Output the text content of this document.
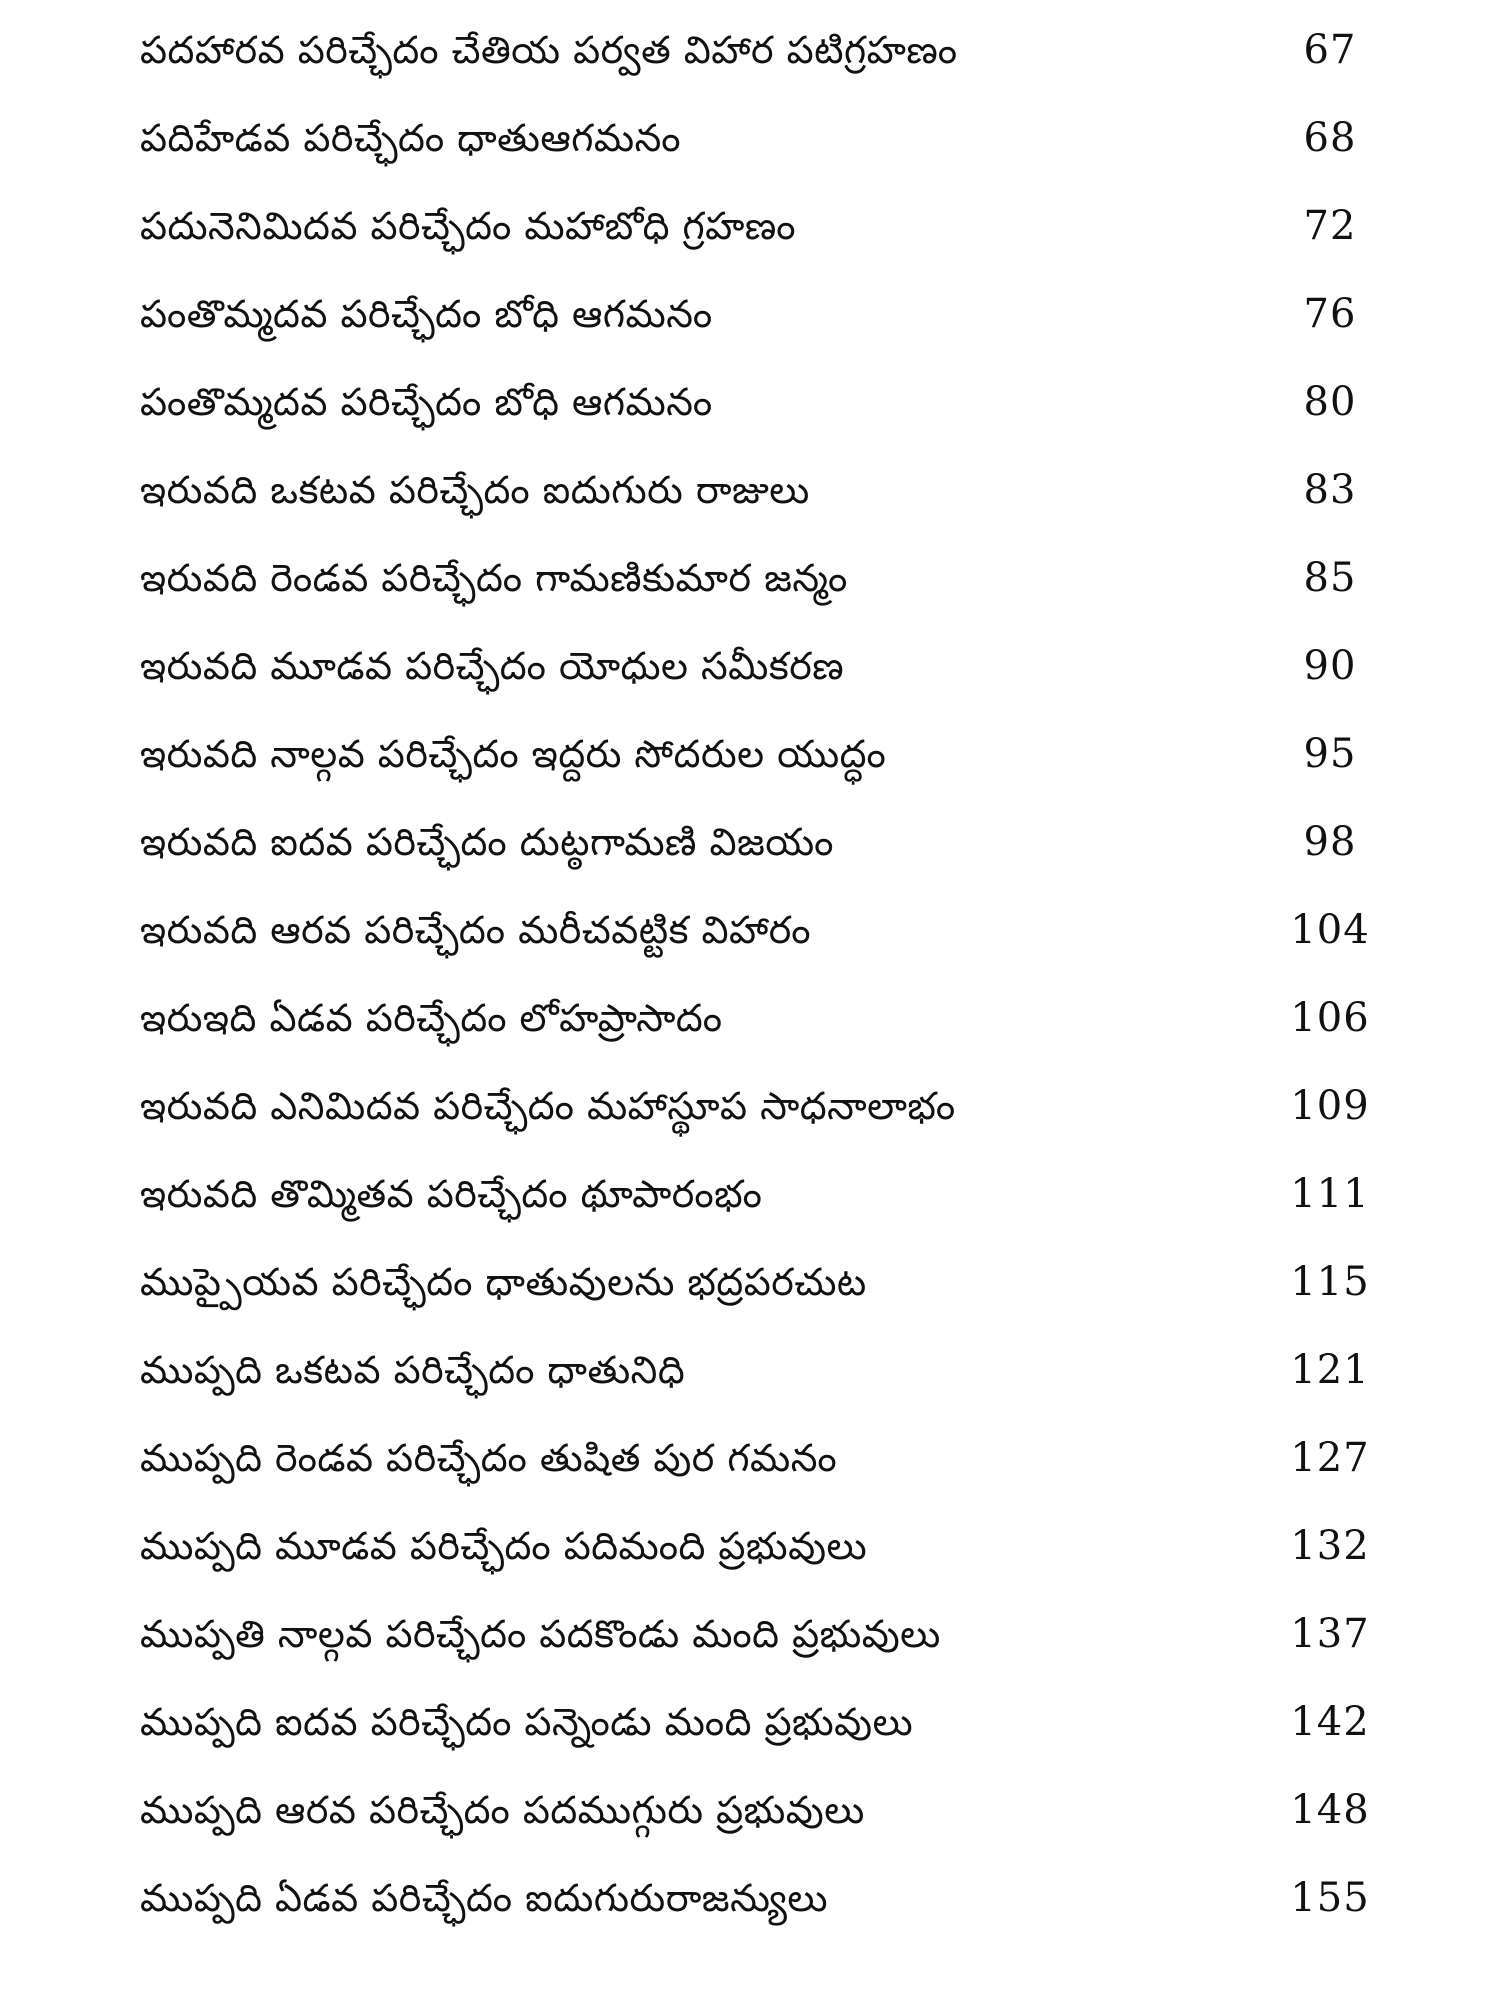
పదహారవ పరిచ్ఛేదం చేతియ పర్వత విహార పటిగ్రహణం	67
పదిహేడవ పరిచ్ఛేదం ధాతుఆగమనం	68
పదునెనిమిదవ పరిచ్ఛేదం మహాబోధి గ్రహణం	72
పంతొమ్మదవ పరిచ్ఛేదం బోధి ఆగమనం	76
పంతొమ్మదవ పరిచ్ఛేదం బోధి ఆగమనం	80
ఇరువది ఒకటవ పరిచ్ఛేదం ఐదుగురు రాజులు	83
ఇరువది రెండవ పరిచ్ఛేదం గామణికుమార జన్మం	85
ఇరువది మూడవ పరిచ్ఛేదం యోధుల సమీకరణ	90
ఇరువది నాల్గవ పరిచ్ఛేదం ఇద్దరు సోదరుల యుద్ధం	95
ఇరువది ఐదవ పరిచ్ఛేదం దుట్ఠగామణి విజయం	98
ఇరువది ఆరవ పరిచ్ఛేదం మరీచవట్టిక విహారం	104
ఇరుఇది ఏడవ పరిచ్ఛేదం లోహప్రాసాదం	106
ఇరువది ఎనిమిదవ పరిచ్ఛేదం మహాస్థూప సాధనాలాభం	109
ఇరువది తొమ్మితవ పరిచ్ఛేదం థూపారంభం	111
ముప్పైయవ పరిచ్ఛేదం ధాతువులను భద్రపరచుట	115
ముప్పది ఒకటవ పరిచ్ఛేదం ధాతునిధి	121
ముప్పది రెండవ పరిచ్ఛేదం తుషిత పుర గమనం	127
ముప్పది మూడవ పరిచ్ఛేదం పదిమంది ప్రభువులు	132
ముప్పతి నాల్గవ పరిచ్ఛేదం పదకొండు మంది ప్రభువులు	137
ముప్పది ఐదవ పరిచ్ఛేదం పన్నెండు మంది ప్రభువులు	142
ముప్పది ఆరవ పరిచ్ఛేదం పదముగ్గురు ప్రభువులు	148
ముప్పది ఏడవ పరిచ్ఛేదం ఐదుగురురాజన్యులు	155
